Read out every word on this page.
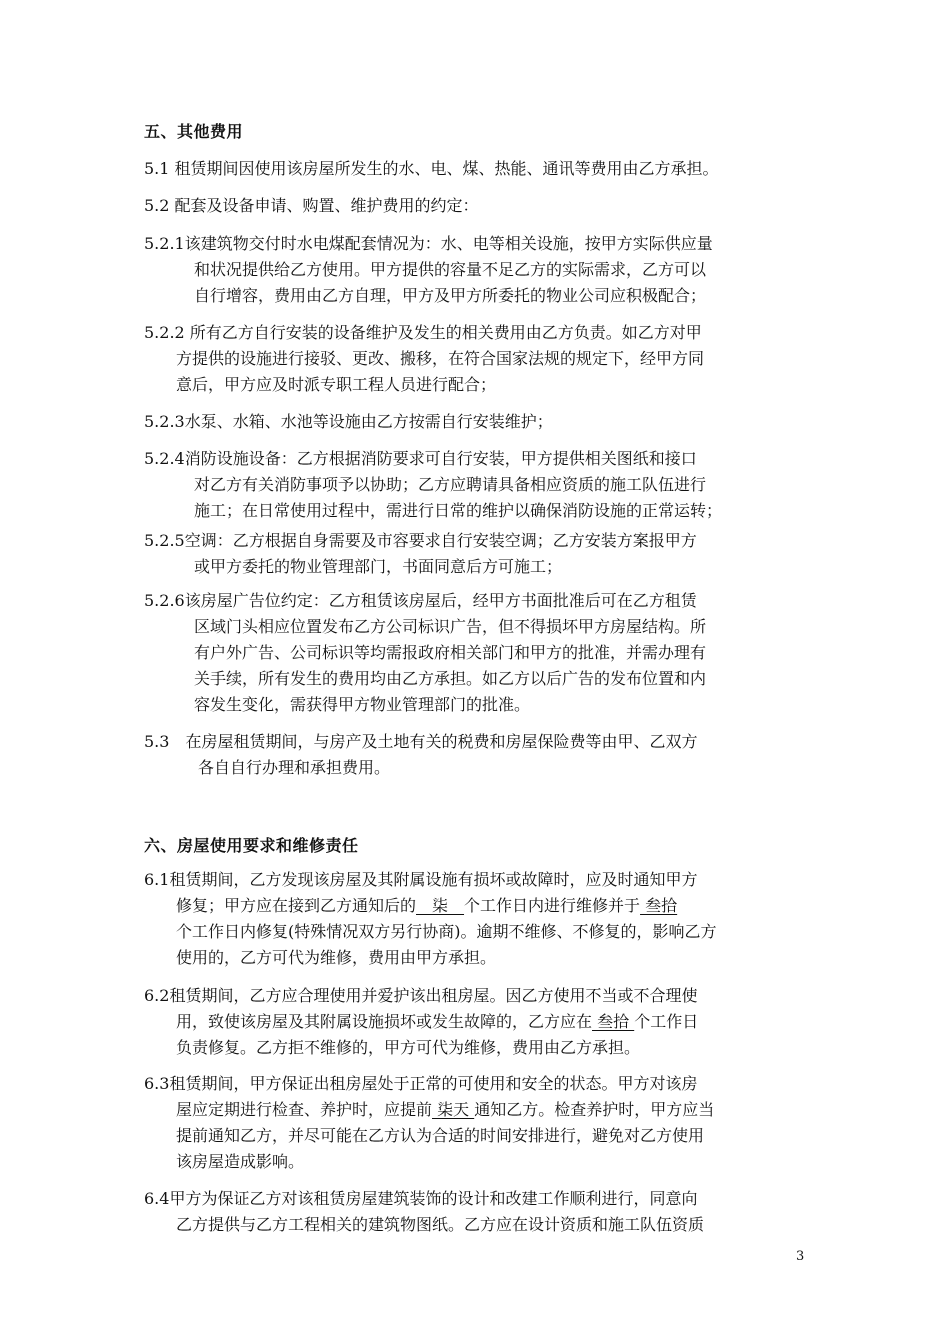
五、其他费用
5.1 租赁期间因使用该房屋所发生的水、电、煤、热能、通讯等费用由乙方承担。
5.2 配套及设备申请、购置、维护费用的约定：
5.2.1该建筑物交付时水电煤配套情况为：水、电等相关设施，按甲方实际供应量
和状况提供给乙方使用。甲方提供的容量不足乙方的实际需求，乙方可以
自行增容，费用由乙方自理，甲方及甲方所委托的物业公司应积极配合；
5.2.2 所有乙方自行安装的设备维护及发生的相关费用由乙方负责。如乙方对甲
方提供的设施进行接驳、更改、搬移，在符合国家法规的规定下，经甲方同
意后，甲方应及时派专职工程人员进行配合；
5.2.3水泵、水箱、水池等设施由乙方按需自行安装维护；
5.2.4消防设施设备：乙方根据消防要求可自行安装，甲方提供相关图纸和接口
对乙方有关消防事项予以协助；乙方应聘请具备相应资质的施工队伍进行
施工；在日常使用过程中，需进行日常的维护以确保消防设施的正常运转；
5.2.5空调：乙方根据自身需要及市容要求自行安装空调；乙方安装方案报甲方
或甲方委托的物业管理部门，书面同意后方可施工；
5.2.6该房屋广告位约定：乙方租赁该房屋后，经甲方书面批准后可在乙方租赁
区域门头相应位置发布乙方公司标识广告，但不得损坏甲方房屋结构。所
有户外广告、公司标识等均需报政府相关部门和甲方的批准，并需办理有
关手续，所有发生的费用均由乙方承担。如乙方以后广告的发布位置和内
容发生变化，需获得甲方物业管理部门的批准。
5.3　在房屋租赁期间，与房产及土地有关的税费和房屋保险费等由甲、乙双方
各自自行办理和承担费用。
六、房屋使用要求和维修责任
6.1租赁期间，乙方发现该房屋及其附属设施有损坏或故障时，应及时通知甲方
修复；甲方应在接到乙方通知后的　柒　个工作日内进行维修并于 叁拾
个工作日内修复(特殊情况双方另行协商)。逾期不维修、不修复的，影响乙方
使用的，乙方可代为维修，费用由甲方承担。
6.2租赁期间，乙方应合理使用并爱护该出租房屋。因乙方使用不当或不合理使
用，致使该房屋及其附属设施损坏或发生故障的，乙方应在 叁拾 个工作日
负责修复。乙方拒不维修的，甲方可代为维修，费用由乙方承担。
6.3租赁期间，甲方保证出租房屋处于正常的可使用和安全的状态。甲方对该房
屋应定期进行检查、养护时，应提前 柒天 通知乙方。检查养护时，甲方应当
提前通知乙方，并尽可能在乙方认为合适的时间安排进行，避免对乙方使用
该房屋造成影响。
6.4甲方为保证乙方对该租赁房屋建筑装饰的设计和改建工作顺利进行，同意向
乙方提供与乙方工程相关的建筑物图纸。乙方应在设计资质和施工队伍资质
3
